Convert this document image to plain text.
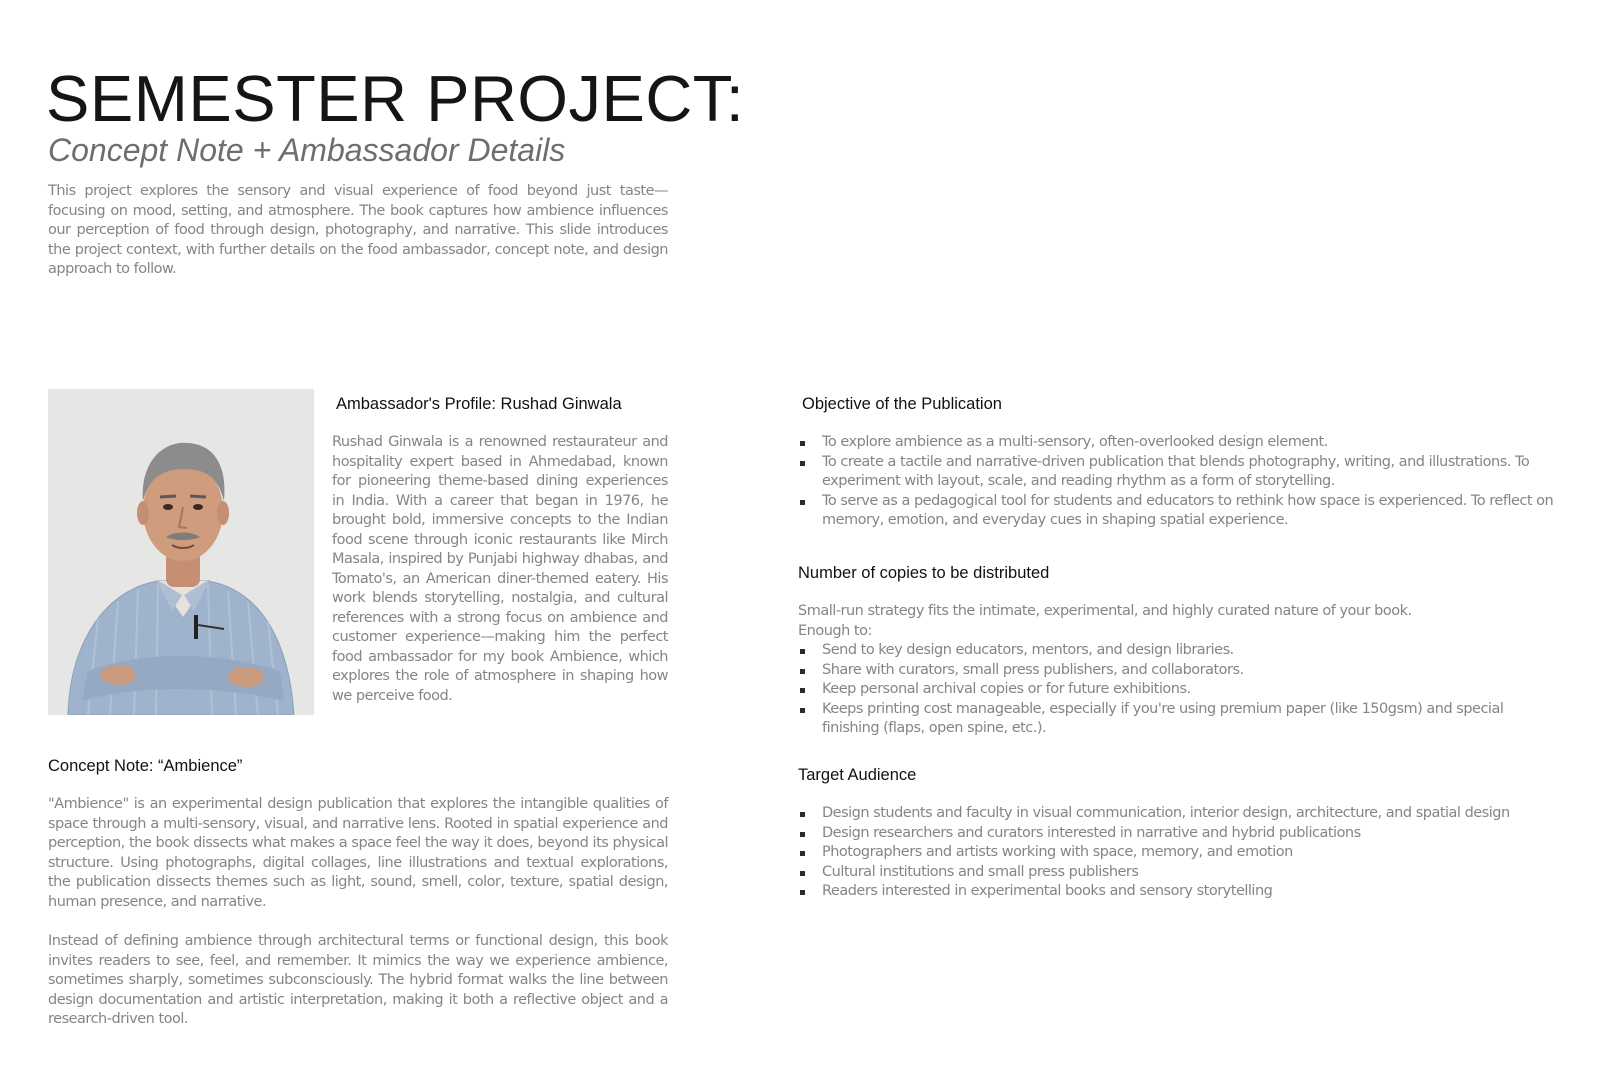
SEMESTER PROJECT:
Concept Note + Ambassador Details

This project explores the sensory and visual experience of food beyond just taste—focusing on mood, setting, and atmosphere. The book captures how ambience influences our perception of food through design, photography, and narrative. This slide introduces the project context, with further details on the food ambassador, concept note, and design approach to follow.

Ambassador's Profile: Rushad Ginwala

Rushad Ginwala is a renowned restaurateur and hospitality expert based in Ahmedabad, known for pioneering theme-based dining experiences in India. With a career that began in 1976, he brought bold, immersive concepts to the Indian food scene through iconic restaurants like Mirch Masala, inspired by Punjabi highway dhabas, and Tomato's, an American diner-themed eatery. His work blends storytelling, nostalgia, and cultural references with a strong focus on ambience and customer experience—making him the perfect food ambassador for my book Ambience, which explores the role of atmosphere in shaping how we perceive food.

Concept Note: “Ambience”

"Ambience" is an experimental design publication that explores the intangible qualities of space through a multi-sensory, visual, and narrative lens. Rooted in spatial experience and perception, the book dissects what makes a space feel the way it does, beyond its physical structure. Using photographs, digital collages, line illustrations and textual explorations, the publication dissects themes such as light, sound, smell, color, texture, spatial design, human presence, and narrative.

Instead of defining ambience through architectural terms or functional design, this book invites readers to see, feel, and remember. It mimics the way we experience ambience, sometimes sharply, sometimes subconsciously. The hybrid format walks the line between design documentation and artistic interpretation, making it both a reflective object and a research-driven tool.

Objective of the Publication
To explore ambience as a multi-sensory, often-overlooked design element.
To create a tactile and narrative-driven publication that blends photography, writing, and illustrations. To experiment with layout, scale, and reading rhythm as a form of storytelling.
To serve as a pedagogical tool for students and educators to rethink how space is experienced. To reflect on memory, emotion, and everyday cues in shaping spatial experience.
Number of copies to be distributed

Small-run strategy fits the intimate, experimental, and highly curated nature of your book.
Enough to:

Send to key design educators, mentors, and design libraries.
Share with curators, small press publishers, and collaborators.
Keep personal archival copies or for future exhibitions.
Keeps printing cost manageable, especially if you're using premium paper (like 150gsm) and special finishing (flaps, open spine, etc.).
Target Audience
Design students and faculty in visual communication, interior design, architecture, and spatial design
Design researchers and curators interested in narrative and hybrid publications
Photographers and artists working with space, memory, and emotion
Cultural institutions and small press publishers
Readers interested in experimental books and sensory storytelling
